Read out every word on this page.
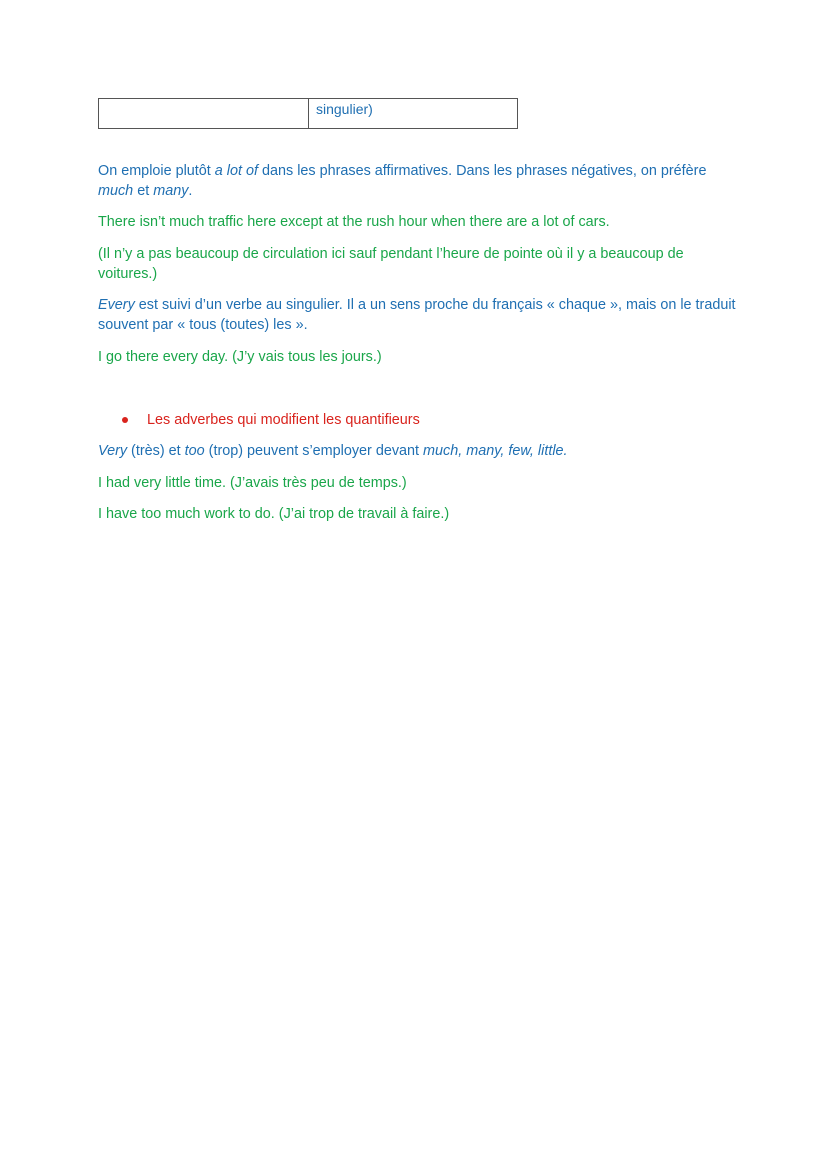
singulier)

On emploie plutôt a lot of dans les phrases affirmatives. Dans les phrases négatives, on préfère much et many.

There isn’t much traffic here except at the rush hour when there are a lot of cars.

(Il n’y a pas beaucoup de circulation ici sauf pendant l’heure de pointe où il y a beaucoup de voitures.)

Every est suivi d’un verbe au singulier. Il a un sens proche du français « chaque », mais on le traduit souvent par « tous (toutes) les ».

I go there every day. (J’y vais tous les jours.)

Les adverbes qui modifient les quantifieurs

Very (très) et too (trop) peuvent s’employer devant much, many, few, little.

I had very little time. (J’avais très peu de temps.)

I have too much work to do. (J’ai trop de travail à faire.)
